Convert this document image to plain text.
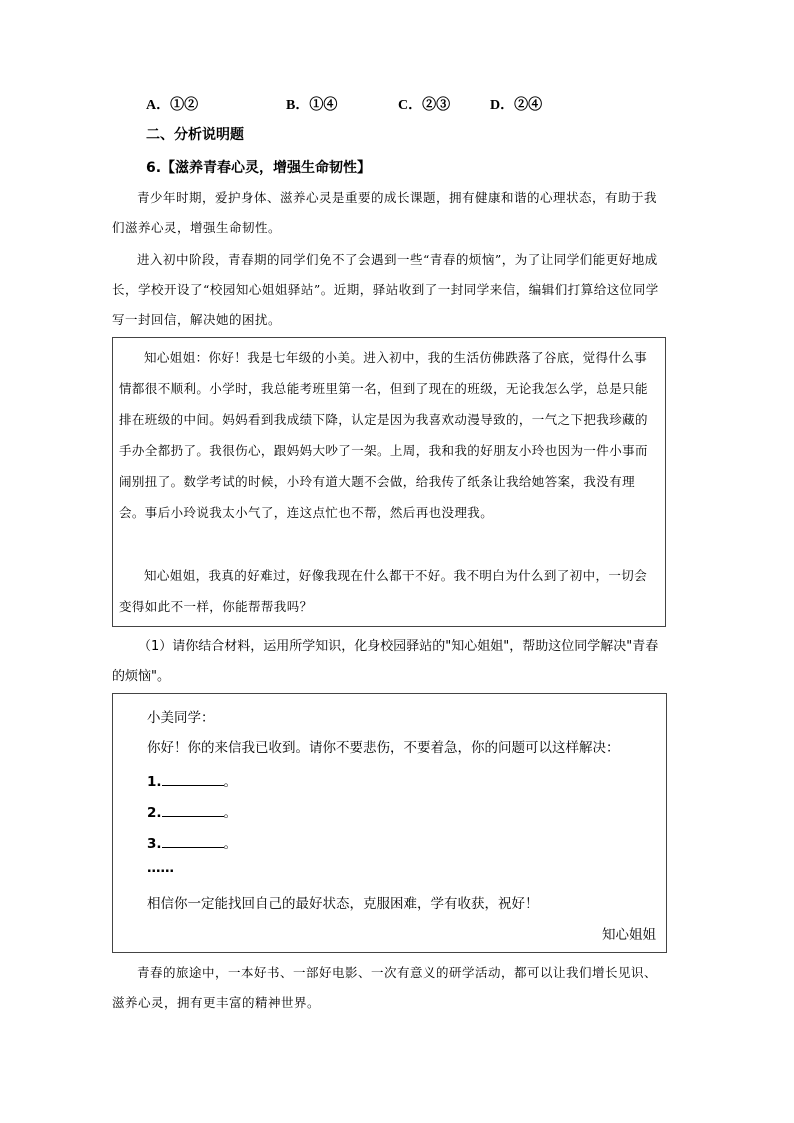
A．①②	B．①④	C．②③	D．②④
二、分析说明题
6.【滋养青春心灵，增强生命韧性】

青少年时期，爱护身体、滋养心灵是重要的成长课题，拥有健康和谐的心理状态，有助于我们滋养心灵，增强生命韧性。

进入初中阶段，青春期的同学们免不了会遇到一些“青春的烦恼”，为了让同学们能更好地成长，学校开设了“校园知心姐姐驿站”。近期，驿站收到了一封同学来信，编辑们打算给这位同学写一封回信，解决她的困扰。

知心姐姐：你好！我是七年级的小美。进入初中，我的生活仿佛跌落了谷底，觉得什么事情都很不顺利。小学时，我总能考班里第一名，但到了现在的班级，无论我怎么学，总是只能排在班级的中间。妈妈看到我成绩下降，认定是因为我喜欢动漫导致的，一气之下把我珍藏的手办全都扔了。我很伤心，跟妈妈大吵了一架。上周，我和我的好朋友小玲也因为一件小事而闹别扭了。数学考试的时候，小玲有道大题不会做，给我传了纸条让我给她答案，我没有理会。事后小玲说我太小气了，连这点忙也不帮，然后再也没理我。

知心姐姐，我真的好难过，好像我现在什么都干不好。我不明白为什么到了初中，一切会变得如此不一样，你能帮帮我吗？

（1）请你结合材料，运用所学知识，化身校园驿站的"知心姐姐"，帮助这位同学解决"青春的烦恼"。

小美同学：
你好！你的来信我已收到。请你不要悲伤，不要着急，你的问题可以这样解决：
1.	。
2.	。
3.	。
……
相信你一定能找回自己的最好状态，克服困难，学有收获，祝好！
知心姐姐

青春的旅途中，一本好书、一部好电影、一次有意义的研学活动，都可以让我们增长见识、滋养心灵，拥有更丰富的精神世界。
